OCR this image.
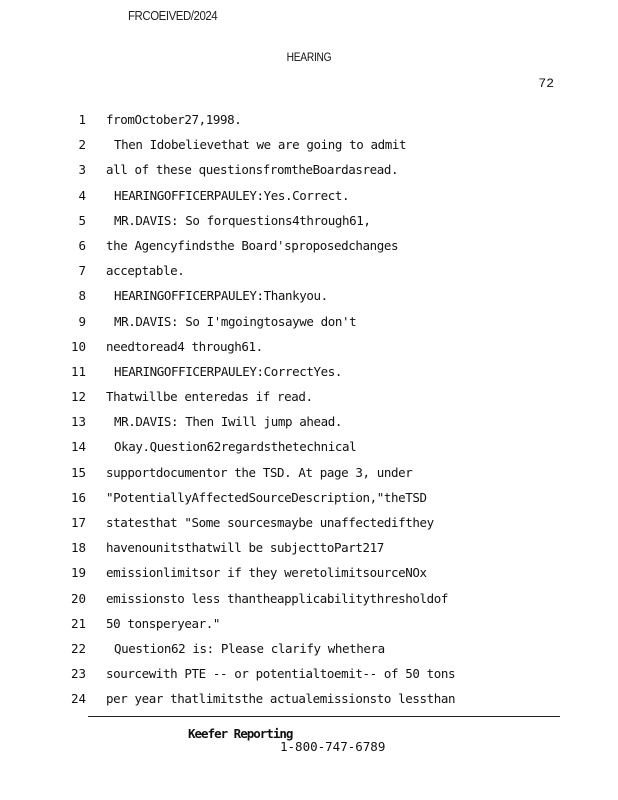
FRCOEIVED/2024
HEARING
72
1 fromOctober27,1998.
2 Then Idobelievethat we are going to admit
3 all of these questionsfromtheBoardasread.
4 HEARINGOFFICERPAULEY:Yes.Correct.
5 MR.DAVIS: So forquestions4through61,
6 the Agencyfindsthe Board'sproposedchanges
7 acceptable.
8 HEARINGOFFICERPAULEY:Thankyou.
9 MR.DAVIS: So I'mgoingtosaywe don't
10 needtoread4 through61.
11 HEARINGOFFICERPAULEY:CorrectYes.
12 Thatwillbe enteredas if read.
13 MR.DAVIS: Then Iwill jump ahead.
14 Okay.Question62regardsthetechnical
15 supportdocumentor the TSD. At page 3, under
16 "PotentiallyAffectedSourceDescription,"theTSD
17 statesthat "Some sourcesmaybe unaffectedifthey
18 havenounitsthatwill be subjecttoPart217
19 emissionlimitsor if they weretolimitsourceNOx
20 emissionsto less thantheapplicabilitythresholdof
21 50 tonsperyear."
22 Question62 is: Please clarify whethera
23 sourcewith PTE -- or potentialtoemit-- of 50 tons
24 per year thatlimitsthe actualemissionsto lessthan
Keefer Reporting
1-800-747-6789
